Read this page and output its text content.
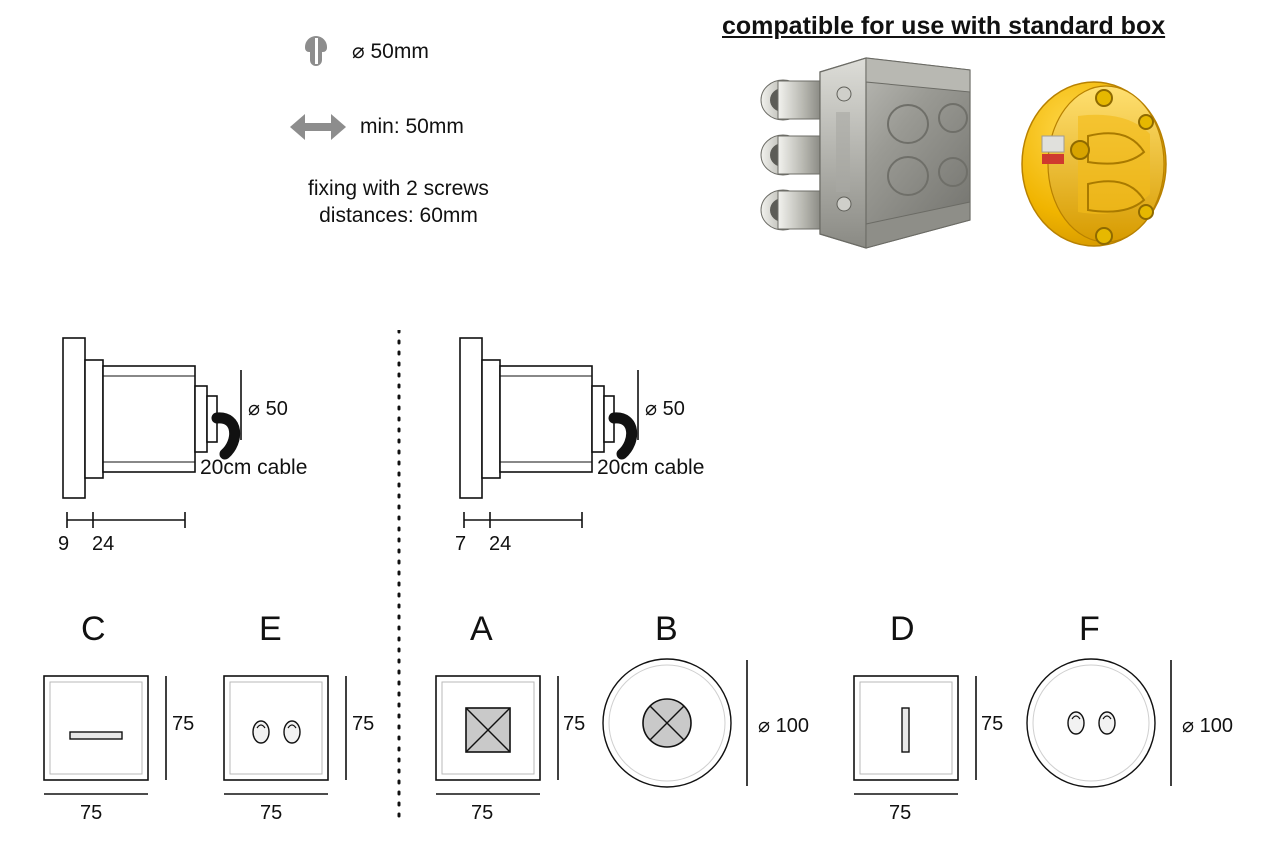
⌀ 50mm
min: 50mm
fixing with 2 screws
distances: 60mm
compatible for use with standard box
⌀ 50
20cm cable
9 24
⌀ 50
20cm cable
7 24
C	E	A	B	D	F
75
75
75
75
75
75
⌀ 100	75
75
⌀ 100
